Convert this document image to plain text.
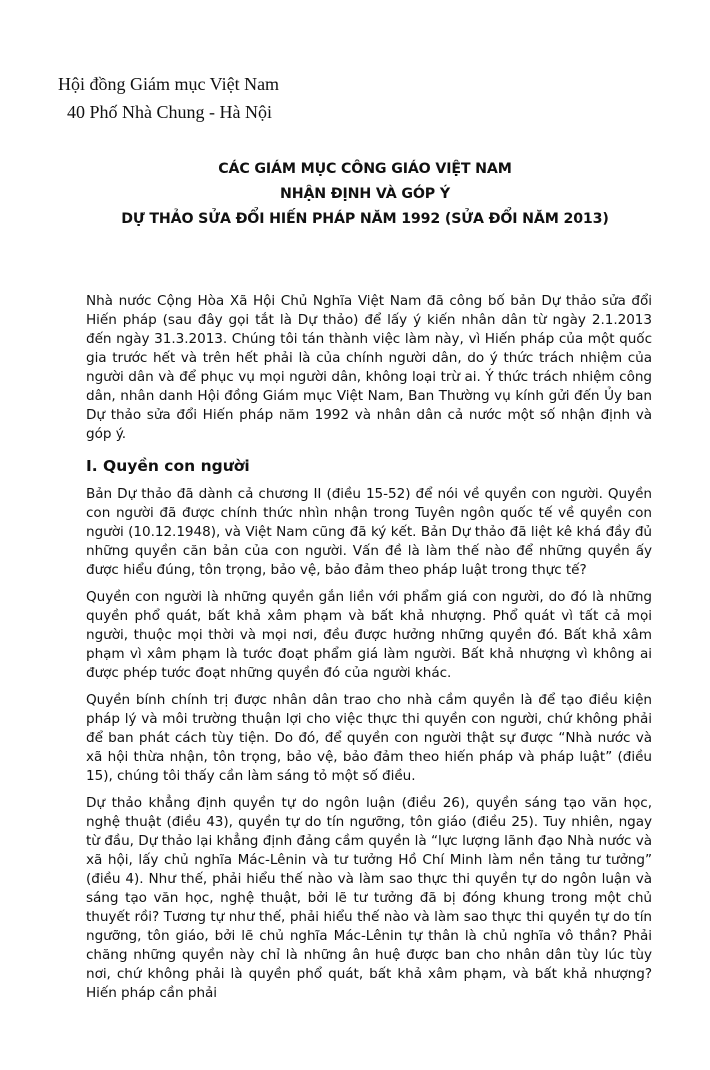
Hội đồng Giám mục Việt Nam
40 Phố Nhà Chung - Hà Nội
CÁC GIÁM MỤC CÔNG GIÁO VIỆT NAM
NHẬN ĐỊNH VÀ GÓP Ý
DỰ THẢO SỬA ĐỔI HIẾN PHÁP NĂM 1992 (SỬA ĐỔI NĂM 2013)
Nhà nước Cộng Hòa Xã Hội Chủ Nghĩa Việt Nam đã công bố bản Dự thảo sửa đổi Hiến pháp (sau đây gọi tắt là Dự thảo) để lấy ý kiến nhân dân từ ngày 2.1.2013 đến ngày 31.3.2013. Chúng tôi tán thành việc làm này, vì Hiến pháp của một quốc gia trước hết và trên hết phải là của chính người dân, do ý thức trách nhiệm của người dân và để phục vụ mọi người dân, không loại trừ ai. Ý thức trách nhiệm công dân, nhân danh Hội đồng Giám mục Việt Nam, Ban Thường vụ kính gửi đến Ủy ban Dự thảo sửa đổi Hiến pháp năm 1992 và nhân dân cả nước một số nhận định và góp ý.
I. Quyền con người

Bản Dự thảo đã dành cả chương II (điều 15-52) để nói về quyền con người. Quyền con người đã được chính thức nhìn nhận trong Tuyên ngôn quốc tế về quyền con người (10.12.1948), và Việt Nam cũng đã ký kết. Bản Dự thảo đã liệt kê khá đầy đủ những quyền căn bản của con người. Vấn đề là làm thế nào để những quyền ấy được hiểu đúng, tôn trọng, bảo vệ, bảo đảm theo pháp luật trong thực tế?

Quyền con người là những quyền gắn liền với phẩm giá con người, do đó là những quyền phổ quát, bất khả xâm phạm và bất khả nhượng. Phổ quát vì tất cả mọi người, thuộc mọi thời và mọi nơi, đều được hưởng những quyền đó. Bất khả xâm phạm vì xâm phạm là tước đoạt phẩm giá làm người. Bất khả nhượng vì không ai được phép tước đoạt những quyền đó của người khác.

Quyền bính chính trị được nhân dân trao cho nhà cầm quyền là để tạo điều kiện pháp lý và môi trường thuận lợi cho việc thực thi quyền con người, chứ không phải để ban phát cách tùy tiện. Do đó, để quyền con người thật sự được “Nhà nước và xã hội thừa nhận, tôn trọng, bảo vệ, bảo đảm theo hiến pháp và pháp luật” (điều 15), chúng tôi thấy cần làm sáng tỏ một số điều.

Dự thảo khẳng định quyền tự do ngôn luận (điều 26), quyền sáng tạo văn học, nghệ thuật (điều 43), quyền tự do tín ngưỡng, tôn giáo (điều 25). Tuy nhiên, ngay từ đầu, Dự thảo lại khẳng định đảng cầm quyền là “lực lượng lãnh đạo Nhà nước và xã hội, lấy chủ nghĩa Mác-Lênin và tư tưởng Hồ Chí Minh làm nền tảng tư tưởng” (điều 4). Như thế, phải hiểu thế nào và làm sao thực thi quyền tự do ngôn luận và sáng tạo văn học, nghệ thuật, bởi lẽ tư tưởng đã bị đóng khung trong một chủ thuyết rồi? Tương tự như thế, phải hiểu thế nào và làm sao thực thi quyền tự do tín ngưỡng, tôn giáo, bởi lẽ chủ nghĩa Mác-Lênin tự thân là chủ nghĩa vô thần? Phải chăng những quyền này chỉ là những ân huệ được ban cho nhân dân tùy lúc tùy nơi, chứ không phải là quyền phổ quát, bất khả xâm phạm, và bất khả nhượng? Hiến pháp cần phải
